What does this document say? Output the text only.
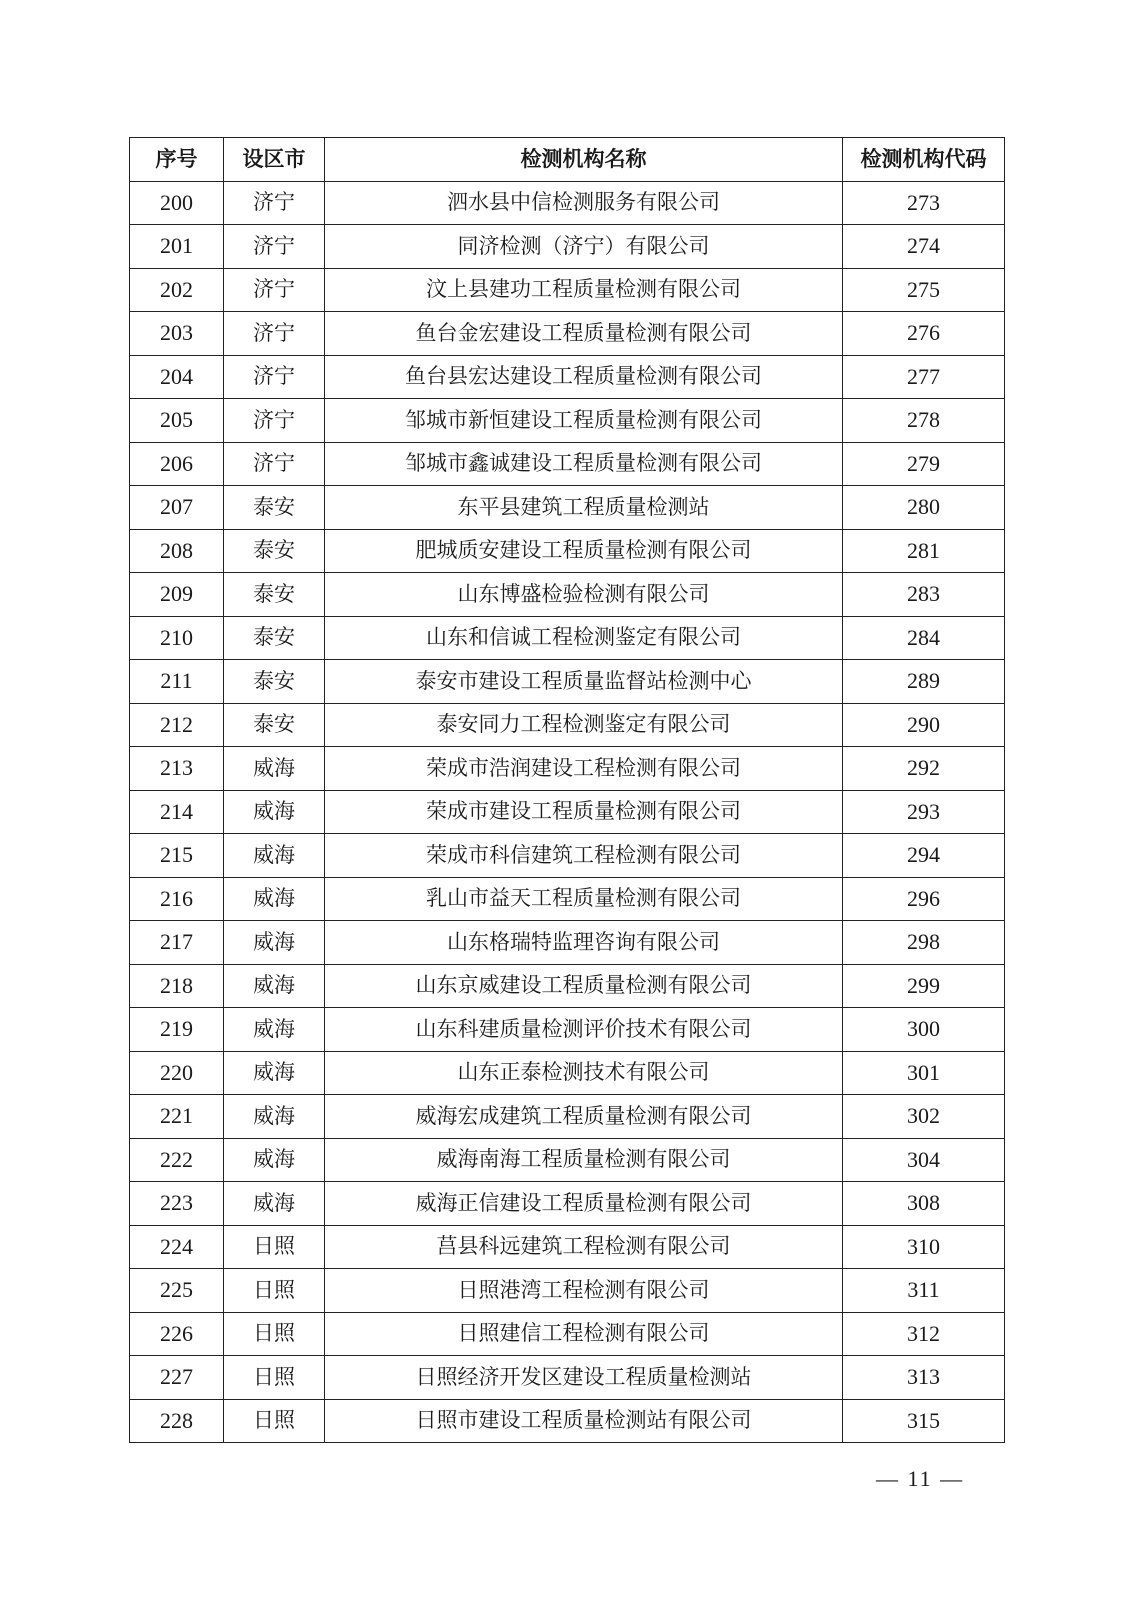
序号	设区市	检测机构名称	检测机构代码
200	济宁	泗水县中信检测服务有限公司	273
201	济宁	同济检测（济宁）有限公司	274
202	济宁	汶上县建功工程质量检测有限公司	275
203	济宁	鱼台金宏建设工程质量检测有限公司	276
204	济宁	鱼台县宏达建设工程质量检测有限公司	277
205	济宁	邹城市新恒建设工程质量检测有限公司	278
206	济宁	邹城市鑫诚建设工程质量检测有限公司	279
207	泰安	东平县建筑工程质量检测站	280
208	泰安	肥城质安建设工程质量检测有限公司	281
209	泰安	山东博盛检验检测有限公司	283
210	泰安	山东和信诚工程检测鉴定有限公司	284
211	泰安	泰安市建设工程质量监督站检测中心	289
212	泰安	泰安同力工程检测鉴定有限公司	290
213	威海	荣成市浩润建设工程检测有限公司	292
214	威海	荣成市建设工程质量检测有限公司	293
215	威海	荣成市科信建筑工程检测有限公司	294
216	威海	乳山市益天工程质量检测有限公司	296
217	威海	山东格瑞特监理咨询有限公司	298
218	威海	山东京威建设工程质量检测有限公司	299
219	威海	山东科建质量检测评价技术有限公司	300
220	威海	山东正泰检测技术有限公司	301
221	威海	威海宏成建筑工程质量检测有限公司	302
222	威海	威海南海工程质量检测有限公司	304
223	威海	威海正信建设工程质量检测有限公司	308
224	日照	莒县科远建筑工程检测有限公司	310
225	日照	日照港湾工程检测有限公司	311
226	日照	日照建信工程检测有限公司	312
227	日照	日照经济开发区建设工程质量检测站	313
228	日照	日照市建设工程质量检测站有限公司	315
— 11 —
